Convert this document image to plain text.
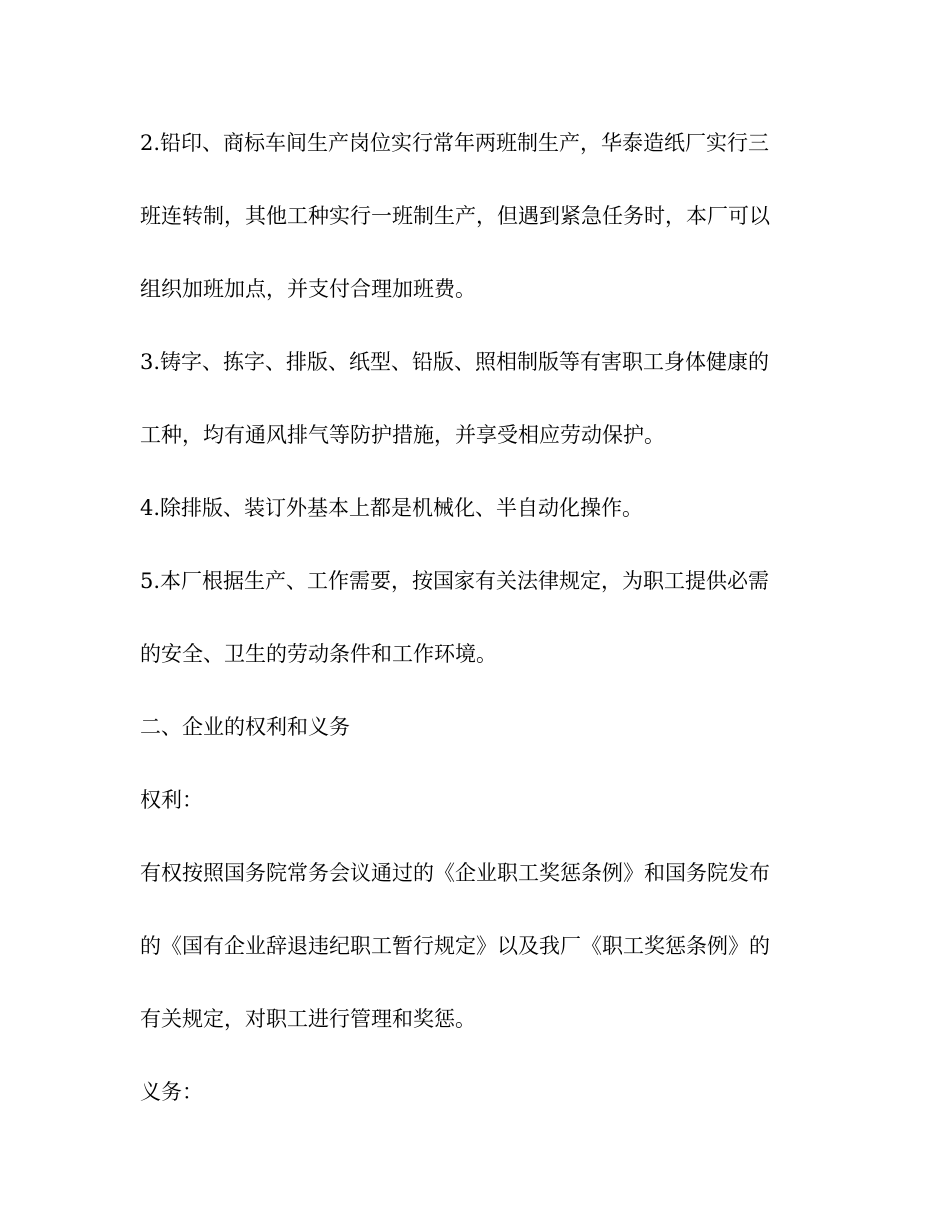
2.铅印、商标车间生产岗位实行常年两班制生产，华泰造纸厂实行三
班连转制，其他工种实行一班制生产，但遇到紧急任务时，本厂可以
组织加班加点，并支付合理加班费。
3.铸字、拣字、排版、纸型、铅版、照相制版等有害职工身体健康的
工种，均有通风排气等防护措施，并享受相应劳动保护。
4.除排版、装订外基本上都是机械化、半自动化操作。
5.本厂根据生产、工作需要，按国家有关法律规定，为职工提供必需
的安全、卫生的劳动条件和工作环境。
二、企业的权利和义务
权利：
有权按照国务院常务会议通过的《企业职工奖惩条例》和国务院发布
的《国有企业辞退违纪职工暂行规定》以及我厂《职工奖惩条例》的
有关规定，对职工进行管理和奖惩。
义务：
